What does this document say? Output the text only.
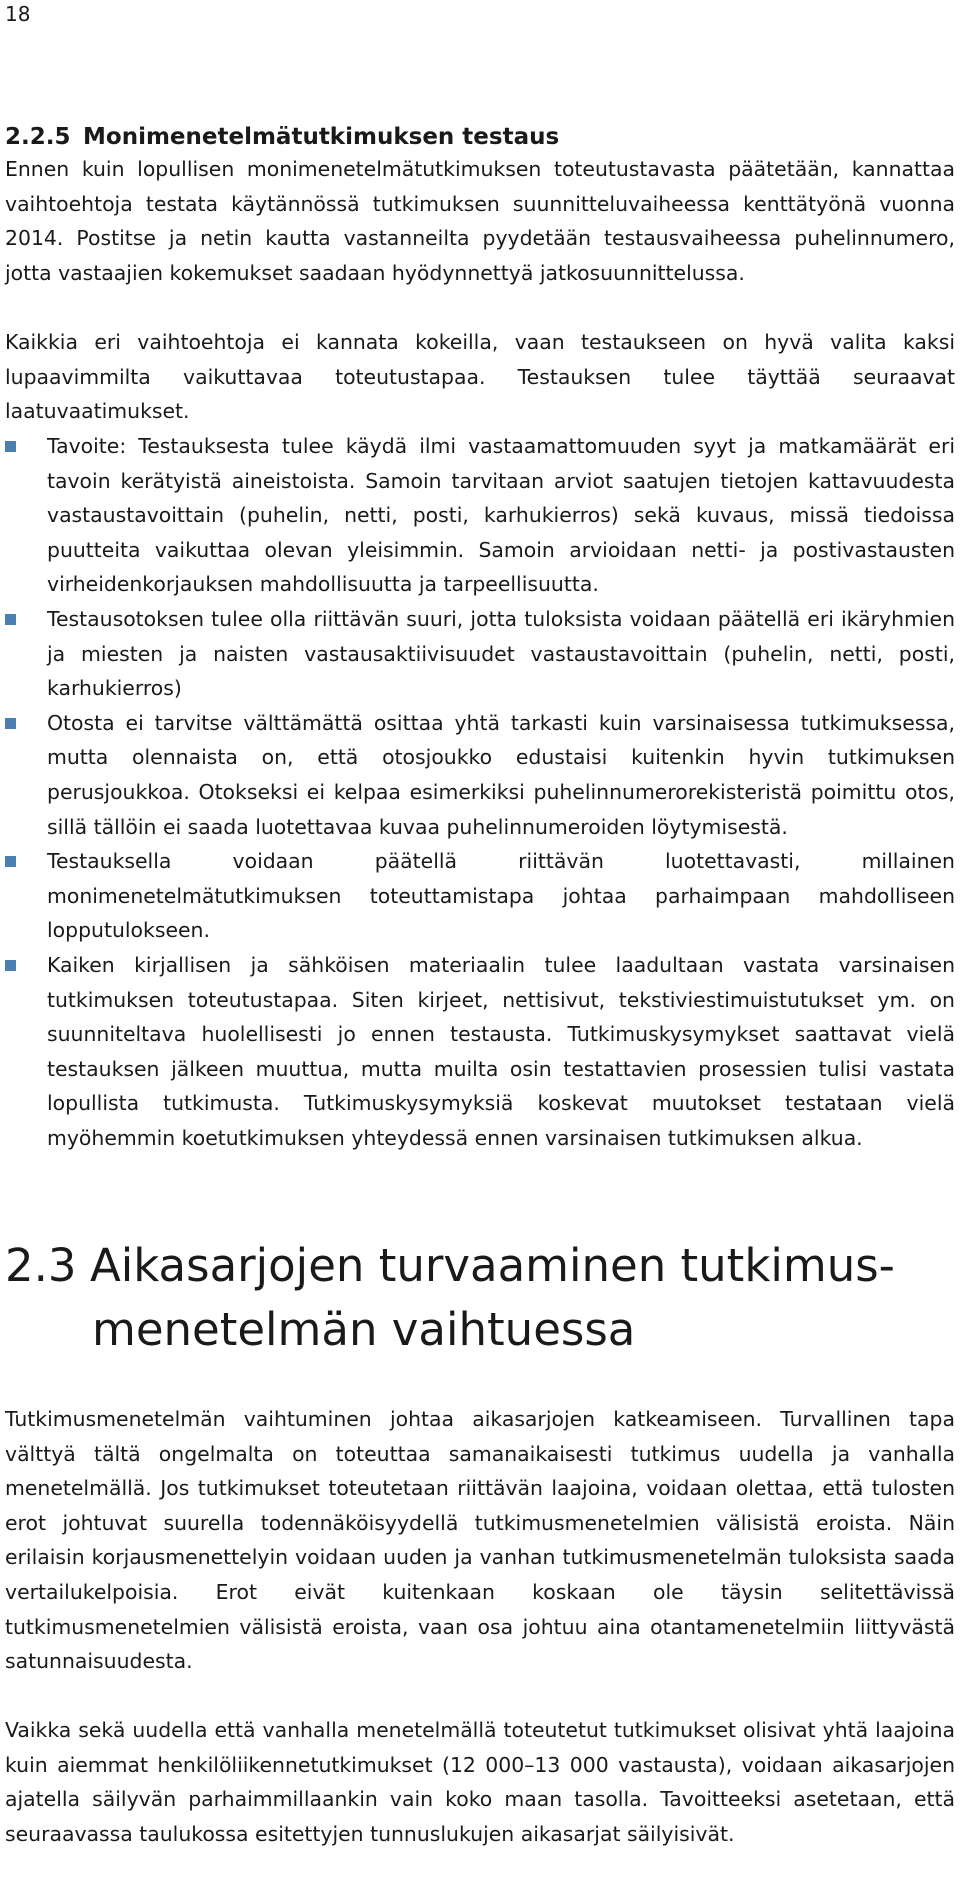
18
2.2.5 Monimenetelmätutkimuksen testaus

Ennen kuin lopullisen monimenetelmätutkimuksen toteutustavasta päätetään, kannattaa vaihtoehtoja testata käytännössä tutkimuksen suunnitteluvaiheessa kenttätyönä vuonna 2014. Postitse ja netin kautta vastanneilta pyydetään testausvaiheessa puhelinnumero, jotta vastaajien kokemukset saadaan hyödynnettyä jatkosuunnittelussa.

Kaikkia eri vaihtoehtoja ei kannata kokeilla, vaan testaukseen on hyvä valita kaksi lupaavimmilta vaikuttavaa toteutustapaa. Testauksen tulee täyttää seuraavat laatuvaatimukset.

Tavoite: Testauksesta tulee käydä ilmi vastaamattomuuden syyt ja matkamäärät eri tavoin kerätyistä aineistoista. Samoin tarvitaan arviot saatujen tietojen kattavuudesta vastaustavoittain (puhelin, netti, posti, karhukierros) sekä kuvaus, missä tiedoissa puutteita vaikuttaa olevan yleisimmin. Samoin arvioidaan netti- ja postivastausten virheidenkorjauksen mahdollisuutta ja tarpeellisuutta.
Testausotoksen tulee olla riittävän suuri, jotta tuloksista voidaan päätellä eri ikäryhmien ja miesten ja naisten vastausaktiivisuudet vastaustavoittain (puhelin, netti, posti, karhukierros)
Otosta ei tarvitse välttämättä osittaa yhtä tarkasti kuin varsinaisessa tutkimuksessa, mutta olennaista on, että otosjoukko edustaisi kuitenkin hyvin tutkimuksen perusjoukkoa. Otokseksi ei kelpaa esimerkiksi puhelinnumerorekisteristä poimittu otos, sillä tällöin ei saada luotettavaa kuvaa puhelinnumeroiden löytymisestä.
Testauksella voidaan päätellä riittävän luotettavasti, millainen monimenetelmätutkimuksen toteuttamistapa johtaa parhaimpaan mahdolliseen lopputulokseen.
Kaiken kirjallisen ja sähköisen materiaalin tulee laadultaan vastata varsinaisen tutkimuksen toteutustapaa. Siten kirjeet, nettisivut, tekstiviestimuistutukset ym. on suunniteltava huolellisesti jo ennen testausta. Tutkimuskysymykset saattavat vielä testauksen jälkeen muuttua, mutta muilta osin testattavien prosessien tulisi vastata lopullista tutkimusta. Tutkimuskysymyksiä koskevat muutokset testataan vielä myöhemmin koetutkimuksen yhteydessä ennen varsinaisen tutkimuksen alkua.
2.3 Aikasarjojen turvaaminen tutkimus-
menetelmän vaihtuessa

Tutkimusmenetelmän vaihtuminen johtaa aikasarjojen katkeamiseen. Turvallinen tapa välttyä tältä ongelmalta on toteuttaa samanaikaisesti tutkimus uudella ja vanhalla menetelmällä. Jos tutkimukset toteutetaan riittävän laajoina, voidaan olettaa, että tulosten erot johtuvat suurella todennäköisyydellä tutkimusmenetelmien välisistä eroista. Näin erilaisin korjausmenettelyin voidaan uuden ja vanhan tutkimusmenetelmän tuloksista saada vertailukelpoisia. Erot eivät kuitenkaan koskaan ole täysin selitettävissä tutkimusmenetelmien välisistä eroista, vaan osa johtuu aina otantamenetelmiin liittyvästä satunnaisuudesta.

Vaikka sekä uudella että vanhalla menetelmällä toteutetut tutkimukset olisivat yhtä laajoina kuin aiemmat henkilöliikennetutkimukset (12 000–13 000 vastausta), voidaan aikasarjojen ajatella säilyvän parhaimmillaankin vain koko maan tasolla. Tavoitteeksi asetetaan, että seuraavassa taulukossa esitettyjen tunnuslukujen aikasarjat säilyisivät.
